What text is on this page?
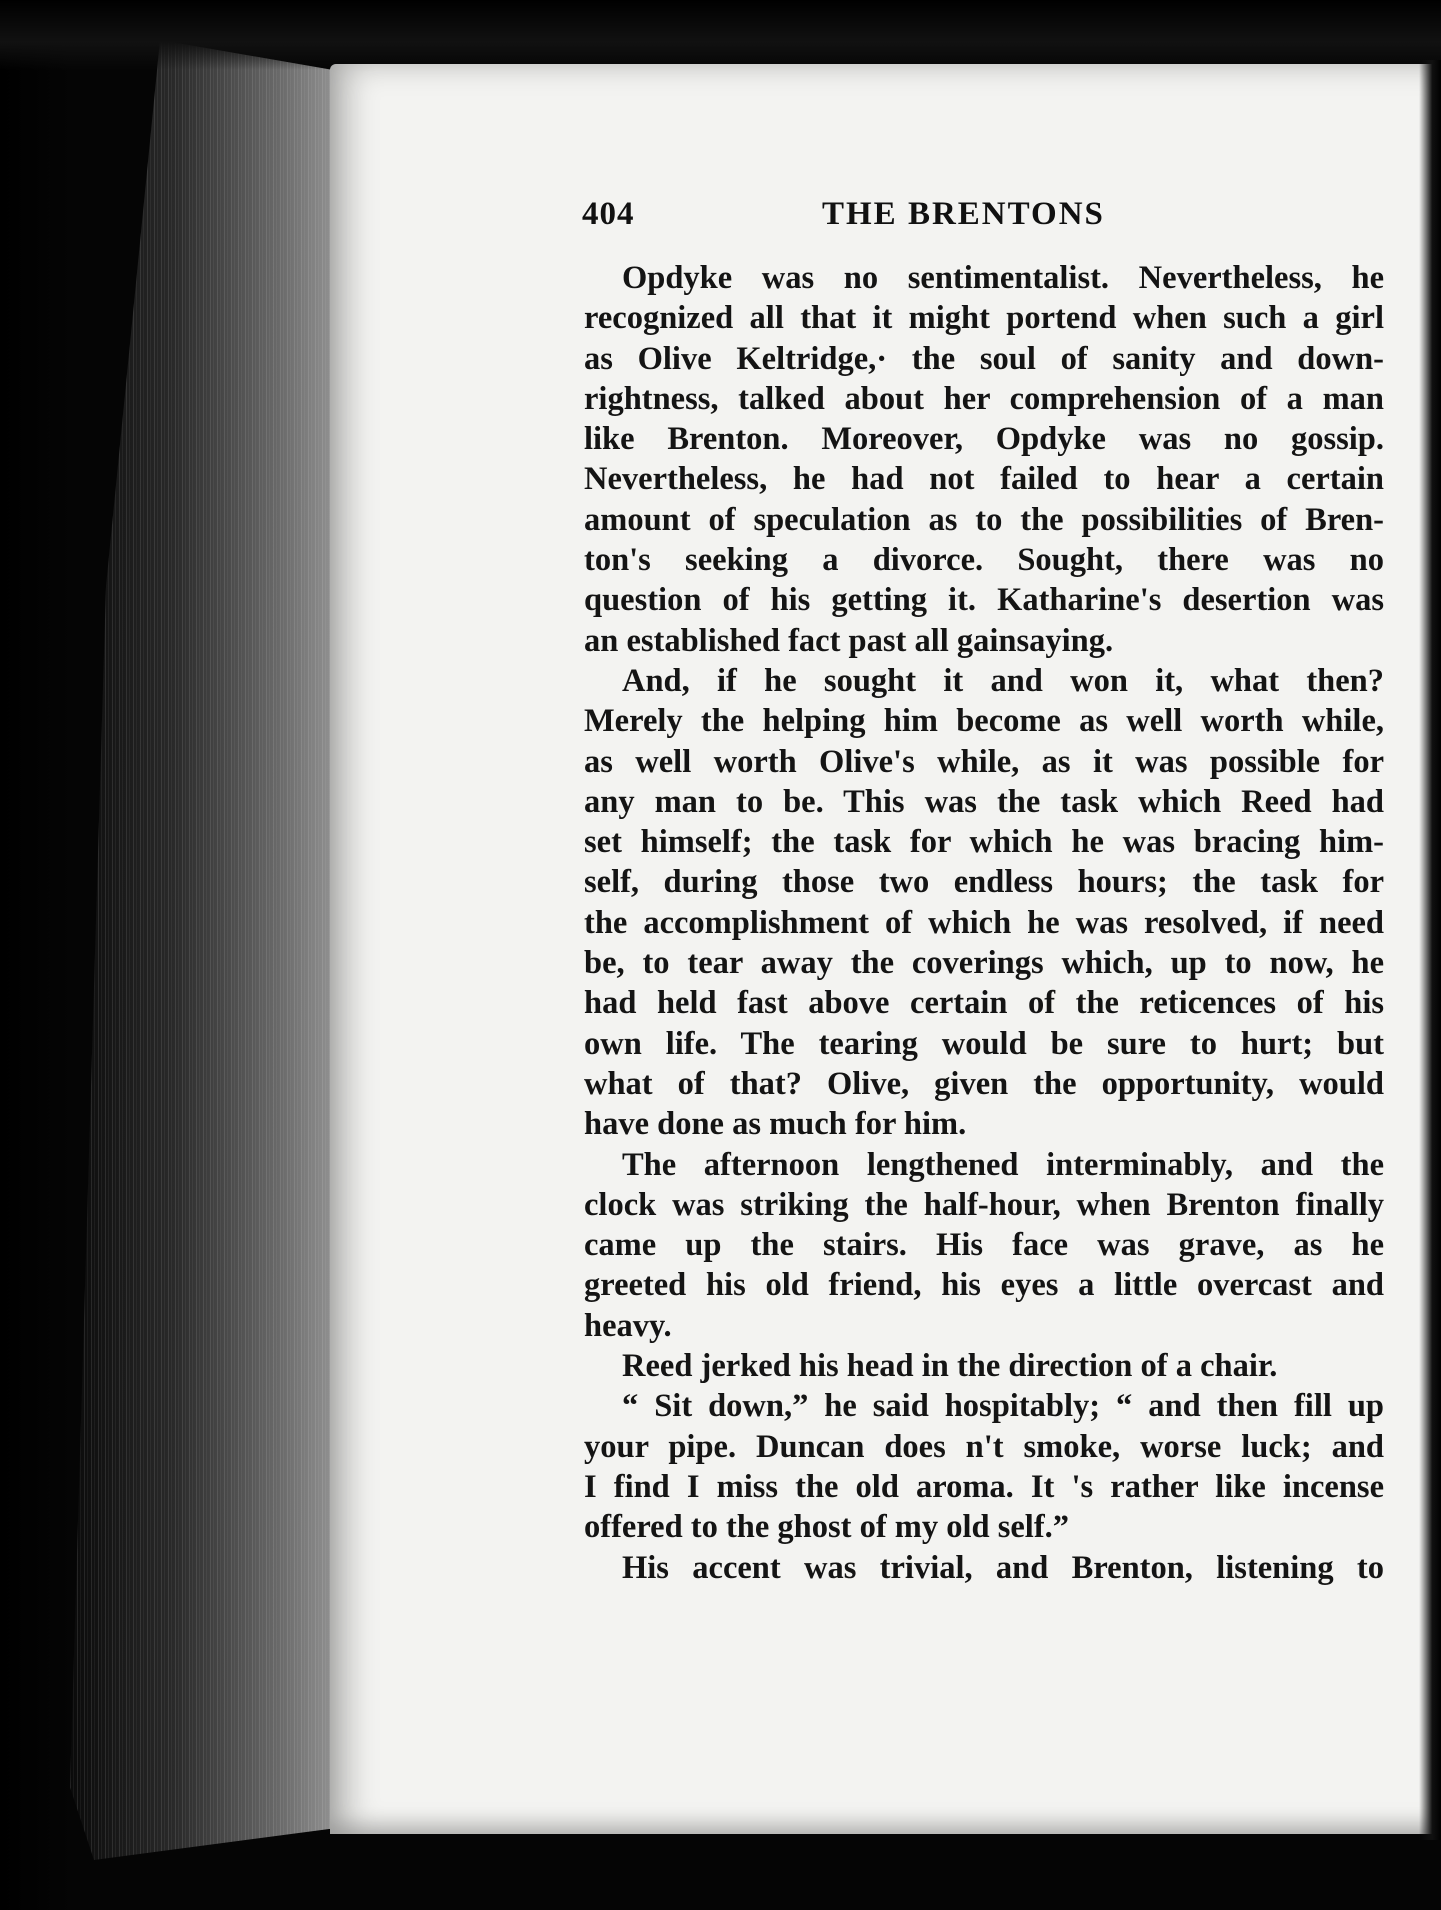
404	THE BRENTONS
Opdyke was no sentimentalist. Nevertheless, he
recognized all that it might portend when such a girl
as Olive Keltridge,· the soul of sanity and down-
rightness, talked about her comprehension of a man
like Brenton. Moreover, Opdyke was no gossip.
Nevertheless, he had not failed to hear a certain
amount of speculation as to the possibilities of Bren-
ton's seeking a divorce. Sought, there was no
question of his getting it. Katharine's desertion was
an established fact past all gainsaying.
And, if he sought it and won it, what then?
Merely the helping him become as well worth while,
as well worth Olive's while, as it was possible for
any man to be. This was the task which Reed had
set himself; the task for which he was bracing him-
self, during those two endless hours; the task for
the accomplishment of which he was resolved, if need
be, to tear away the coverings which, up to now, he
had held fast above certain of the reticences of his
own life. The tearing would be sure to hurt; but
what of that? Olive, given the opportunity, would
have done as much for him.
The afternoon lengthened interminably, and the
clock was striking the half-hour, when Brenton finally
came up the stairs. His face was grave, as he
greeted his old friend, his eyes a little overcast and
heavy.
Reed jerked his head in the direction of a chair.
“ Sit down,” he said hospitably; “ and then fill up
your pipe. Duncan does n't smoke, worse luck; and
I find I miss the old aroma. It 's rather like incense
offered to the ghost of my old self.”
His accent was trivial, and Brenton, listening to
